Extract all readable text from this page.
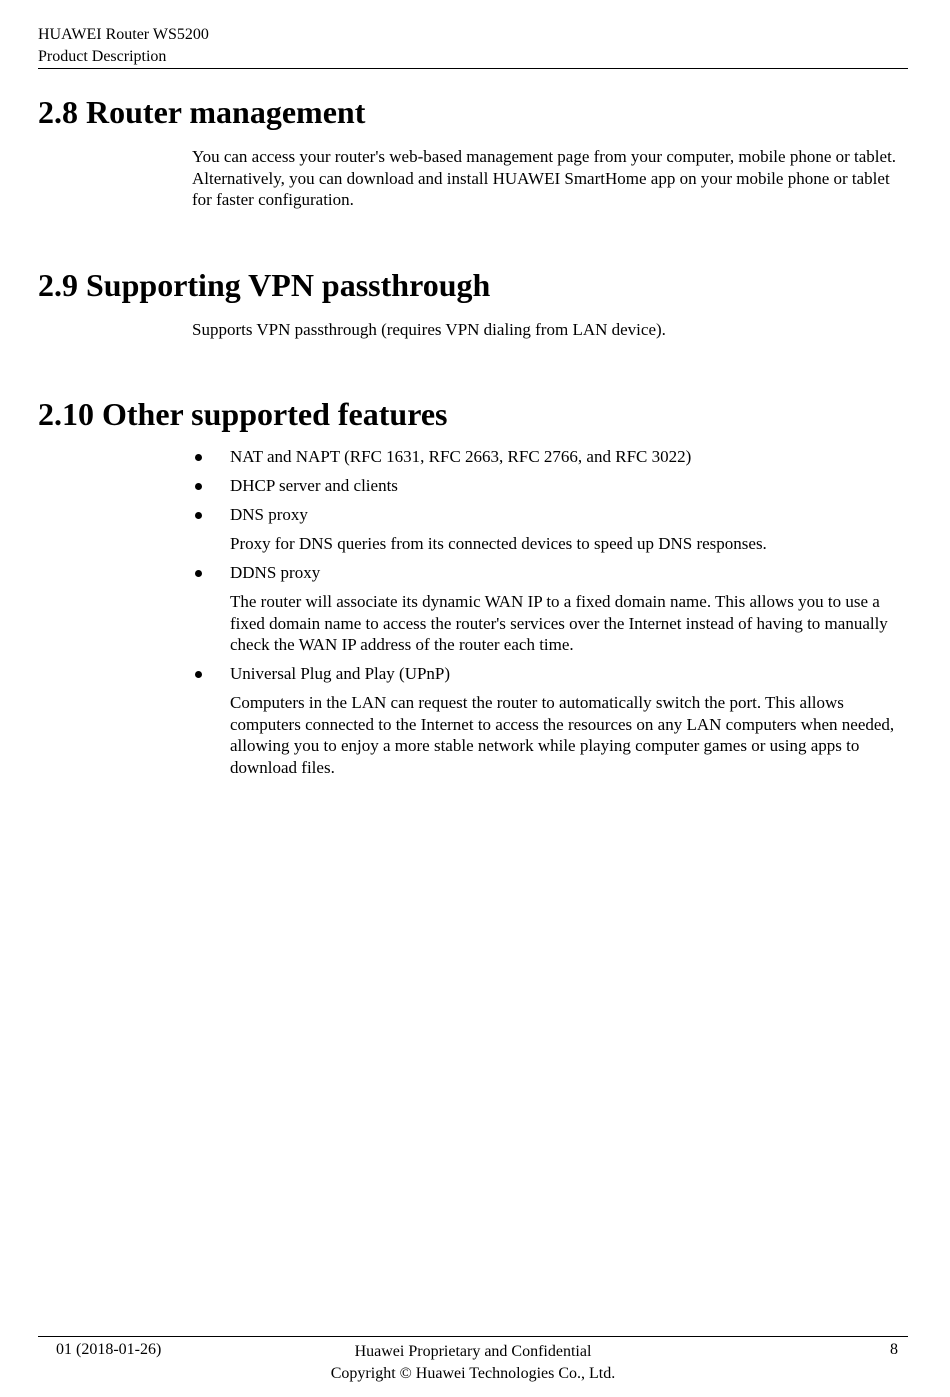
HUAWEI Router WS5200
Product Description
2.8 Router management

You can access your router's web-based management page from your computer, mobile phone or tablet. Alternatively, you can download and install HUAWEI SmartHome app on your mobile phone or tablet for faster configuration.

2.9 Supporting VPN passthrough

Supports VPN passthrough (requires VPN dialing from LAN device).

2.10 Other supported features
NAT and NAPT (RFC 1631, RFC 2663, RFC 2766, and RFC 3022)
DHCP server and clients
DNS proxy
Proxy for DNS queries from its connected devices to speed up DNS responses.
DDNS proxy
The router will associate its dynamic WAN IP to a fixed domain name. This allows you to use a fixed domain name to access the router's services over the Internet instead of having to manually check the WAN IP address of the router each time.
Universal Plug and Play (UPnP)
Computers in the LAN can request the router to automatically switch the port. This allows computers connected to the Internet to access the resources on any LAN computers when needed, allowing you to enjoy a more stable network while playing computer games or using apps to download files.
01 (2018-01-26)	Huawei Proprietary and Confidential
Copyright © Huawei Technologies Co., Ltd.
8
